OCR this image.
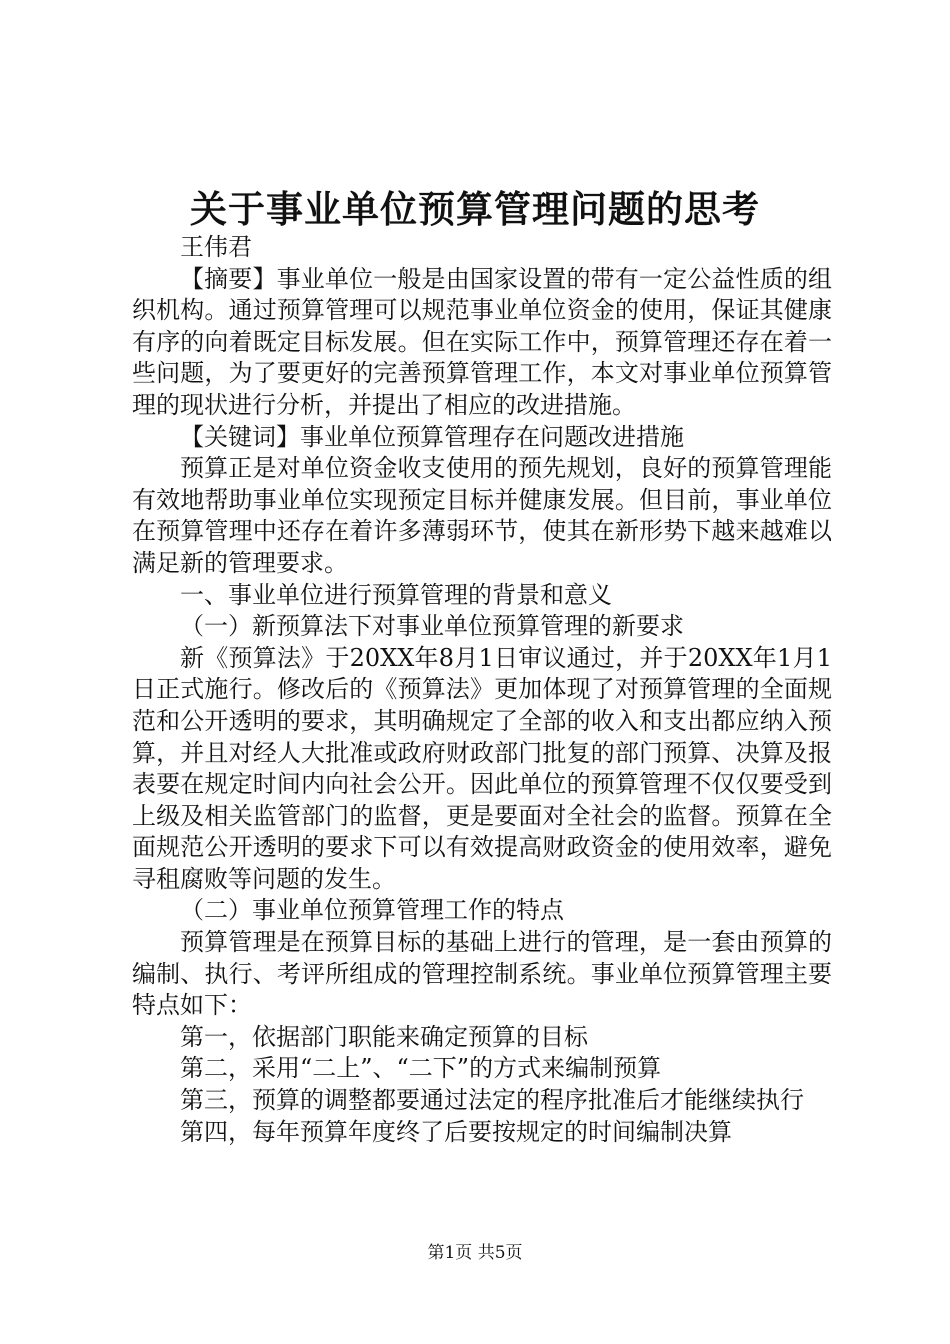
关于事业单位预算管理问题的思考

王伟君

【摘要】事业单位一般是由国家设置的带有一定公益性质的组织机构。通过预算管理可以规范事业单位资金的使用，保证其健康有序的向着既定目标发展。但在实际工作中，预算管理还存在着一些问题，为了要更好的完善预算管理工作，本文对事业单位预算管理的现状进行分析，并提出了相应的改进措施。

【关键词】事业单位预算管理存在问题改进措施

预算正是对单位资金收支使用的预先规划，良好的预算管理能有效地帮助事业单位实现预定目标并健康发展。但目前，事业单位在预算管理中还存在着许多薄弱环节，使其在新形势下越来越难以满足新的管理要求。

一、事业单位进行预算管理的背景和意义

（一）新预算法下对事业单位预算管理的新要求

新《预算法》于20XX年8月1日审议通过，并于20XX年1月1日正式施行。修改后的《预算法》更加体现了对预算管理的全面规范和公开透明的要求，其明确规定了全部的收入和支出都应纳入预算，并且对经人大批准或政府财政部门批复的部门预算、决算及报表要在规定时间内向社会公开。因此单位的预算管理不仅仅要受到上级及相关监管部门的监督，更是要面对全社会的监督。预算在全面规范公开透明的要求下可以有效提高财政资金的使用效率，避免寻租腐败等问题的发生。

（二）事业单位预算管理工作的特点

预算管理是在预算目标的基础上进行的管理，是一套由预算的编制、执行、考评所组成的管理控制系统。事业单位预算管理主要特点如下：

第一，依据部门职能来确定预算的目标

第二，采用“二上”、“二下”的方式来编制预算

第三，预算的调整都要通过法定的程序批准后才能继续执行

第四，每年预算年度终了后要按规定的时间编制决算

第1页 共5页
